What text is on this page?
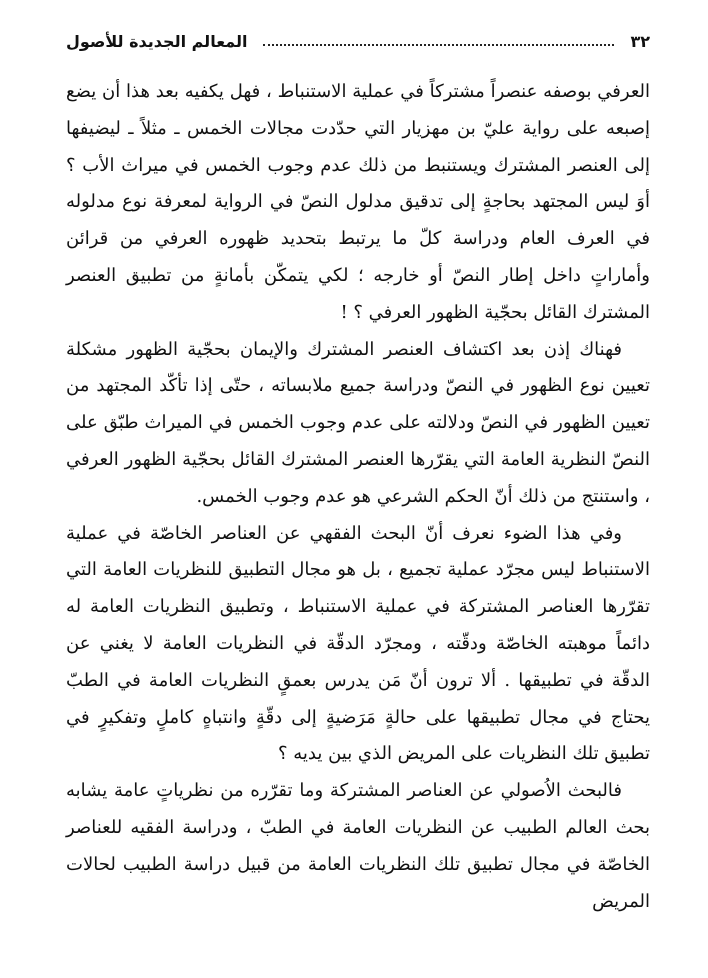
٣٢
المعالم الجديدة للأصول

العرفي بوصفه عنصراً مشتركاً في عملية الاستنباط ، فهل يكفيه بعد هذا أن يضع إصبعه على رواية عليّ بن مهزيار التي حدّدت مجالات الخمس ـ مثلاً ـ ليضيفها إلى العنصر المشترك ويستنبط من ذلك عدم وجوب الخمس في ميراث الأب ؟ أوَ ليس المجتهد بحاجةٍ إلى تدقيق مدلول النصّ في الرواية لمعرفة نوع مدلوله في العرف العام ودراسة كلّ ما يرتبط بتحديد ظهوره العرفي من قرائن وأماراتٍ داخل إطار النصّ أو خارجه ؛ لكي يتمكّن بأمانةٍ من تطبيق العنصر المشترك القائل بحجّية الظهور العرفي ؟ !

فهناك إذن بعد اكتشاف العنصر المشترك والإيمان بحجّية الظهور مشكلة تعيين نوع الظهور في النصّ ودراسة جميع ملابساته ، حتّى إذا تأكّد المجتهد من تعيين الظهور في النصّ ودلالته على عدم وجوب الخمس في الميراث طبّق على النصّ النظرية العامة التي يقرّرها العنصر المشترك القائل بحجّية الظهور العرفي ، واستنتج من ذلك أنّ الحكم الشرعي هو عدم وجوب الخمس.

وفي هذا الضوء نعرف أنّ البحث الفقهي عن العناصر الخاصّة في عملية الاستنباط ليس مجرّد عملية تجميع ، بل هو مجال التطبيق للنظريات العامة التي تقرّرها العناصر المشتركة في عملية الاستنباط ، وتطبيق النظريات العامة له دائماً موهبته الخاصّة ودقّته ، ومجرّد الدقّة في النظريات العامة لا يغني عن الدقّة في تطبيقها . ألا ترون أنّ مَن يدرس بعمقٍ النظريات العامة في الطبّ يحتاج في مجال تطبيقها على حالةٍ مَرَضيةٍ إلى دقّةٍ وانتباهٍ كاملٍ وتفكيرٍ في تطبيق تلك النظريات على المريض الذي بين يديه ؟

فالبحث الاُصولي عن العناصر المشتركة وما تقرّره من نظرياتٍ عامة يشابه بحث العالم الطبيب عن النظريات العامة في الطبّ ، ودراسة الفقيه للعناصر الخاصّة في مجال تطبيق تلك النظريات العامة من قبيل دراسة الطبيب لحالات المريض
